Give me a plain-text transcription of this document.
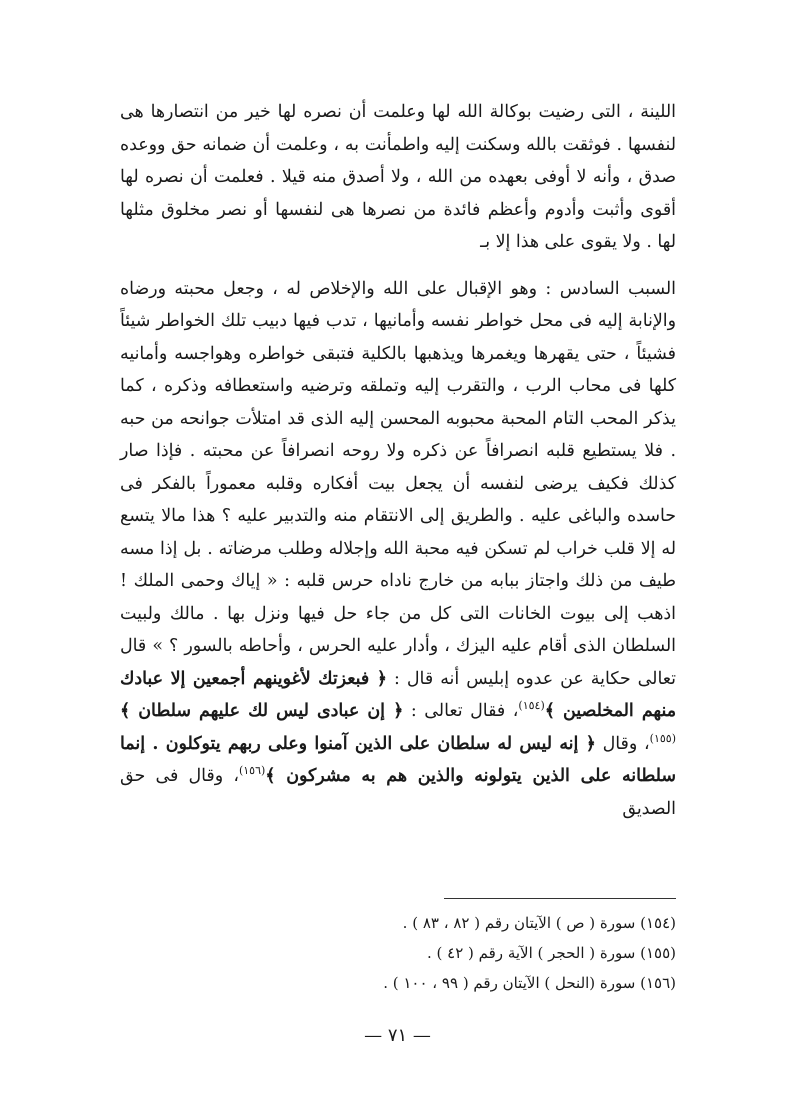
اللينة ، التى رضيت بوكالة الله لها وعلمت أن نصره لها خير من انتصارها هى لنفسها . فوثقت بالله وسكنت إليه واطمأنت به ، وعلمت أن ضمانه حق ووعده صدق ، وأنه لا أوفى بعهده من الله ، ولا أصدق منه قيلا . فعلمت أن نصره لها أقوى وأثبت وأدوم وأعظم فائدة من نصرها هى لنفسها أو نصر مخلوق مثلها لها . ولا يقوى على هذا إلا بـ

السبب السادس : وهو الإقبال على الله والإخلاص له ، وجعل محبته ورضاه والإنابة إليه فى محل خواطر نفسه وأمانيها ، تدب فيها دبيب تلك الخواطر شيئاً فشيئاً ، حتى يقهرها ويغمرها ويذهبها بالكلية فتبقى خواطره وهواجسه وأمانيه كلها فى محاب الرب ، والتقرب إليه وتملقه وترضيه واستعطافه وذكره ، كما يذكر المحب التام المحبة محبوبه المحسن إليه الذى قد امتلأت جوانحه من حبه . فلا يستطيع قلبه انصرافاً عن ذكره ولا روحه انصرافاً عن محبته . فإذا صار كذلك فكيف يرضى لنفسه أن يجعل بيت أفكاره وقلبه معموراً بالفكر فى حاسده والباغى عليه . والطريق إلى الانتقام منه والتدبير عليه ؟ هذا مالا يتسع له إلا قلب خراب لم تسكن فيه محبة الله وإجلاله وطلب مرضاته . بل إذا مسه طيف من ذلك واجتاز ببابه من خارج ناداه حرس قلبه : « إياك وحمى الملك ! اذهب إلى بيوت الخانات التى كل من جاء حل فيها ونزل بها . مالك ولبيت السلطان الذى أقام عليه اليزك ، وأدار عليه الحرس ، وأحاطه بالسور ؟ » قال تعالى حكاية عن عدوه إبليس أنه قال : ﴿ فبعزتك لأغوينهم أجمعين إلا عبادك منهم المخلصين ﴾$^{(١٥٤)}$، فقال تعالى : ﴿ إن عبادى ليس لك عليهم سلطان ﴾$^{(١٥٥)}$، وقال ﴿ إنه ليس له سلطان على الذين آمنوا وعلى ربهم يتوكلون . إنما سلطانه على الذين يتولونه والذين هم به مشركون ﴾$^{(١٥٦)}$، وقال فى حق الصديق

(١٥٤) سورة ( ص ) الآيتان رقم ( ٨٢ ، ٨٣ ) .

(١٥٥) سورة ( الحجر ) الآية رقم ( ٤٢ ) .

(١٥٦) سورة (النحل ) الآيتان رقم ( ٩٩ ، ١٠٠ ) .

— ٧١ —
